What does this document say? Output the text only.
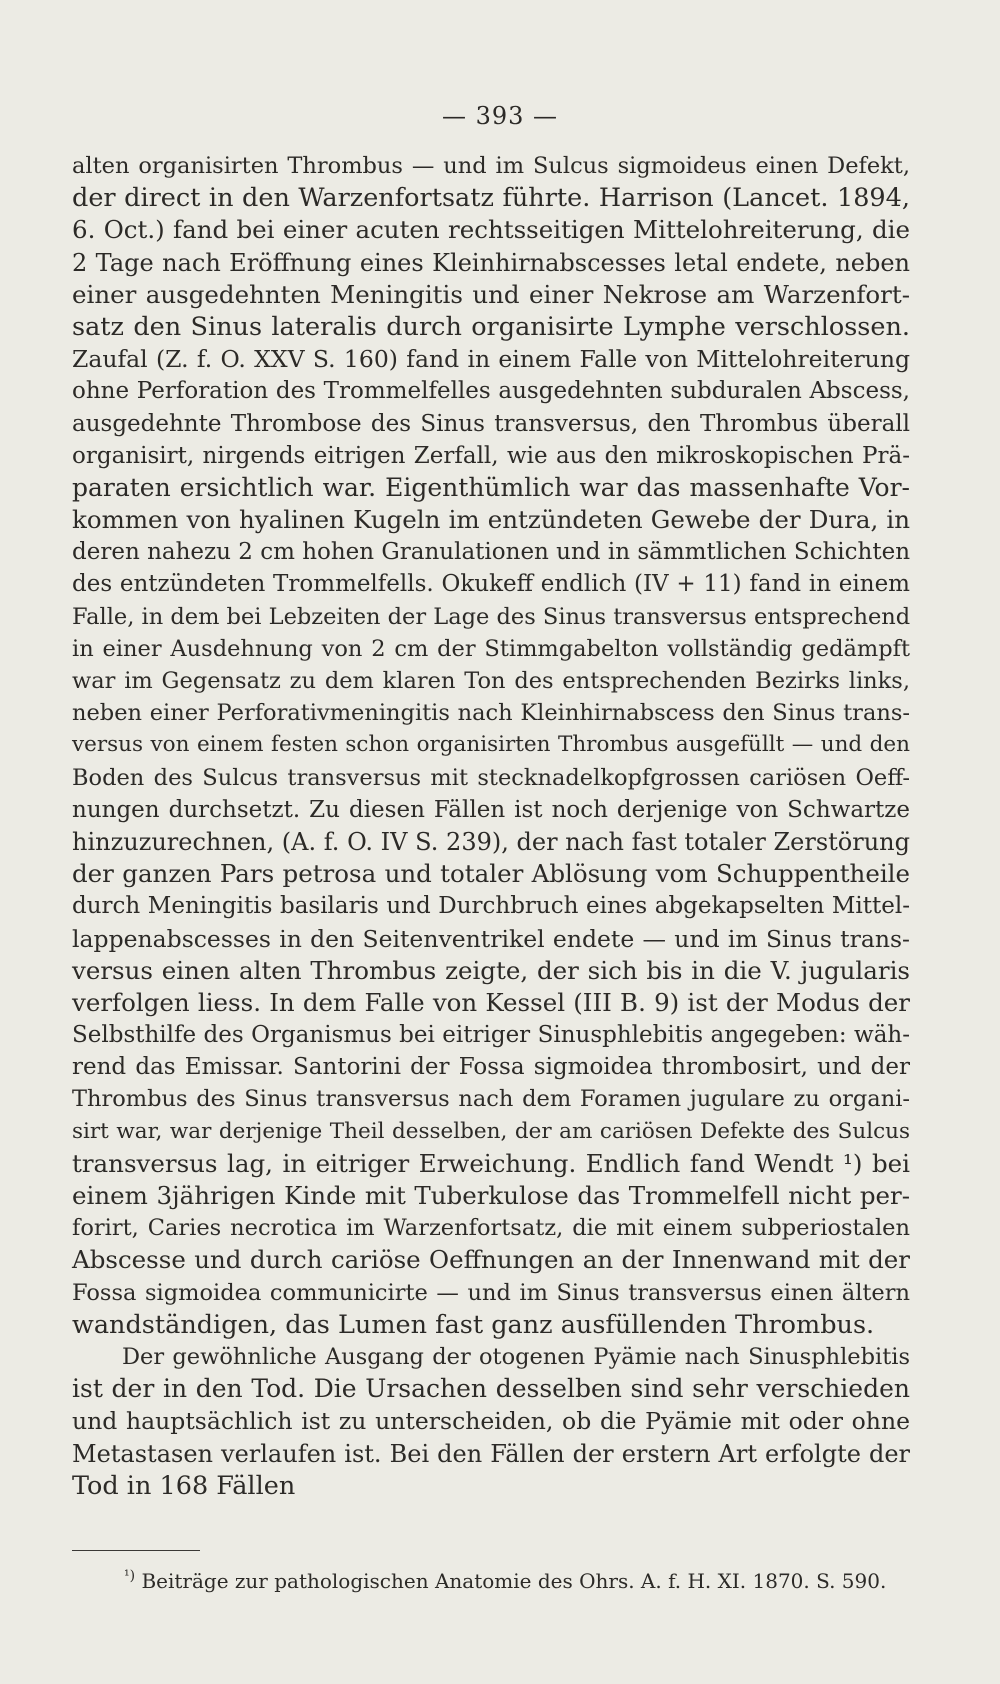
— 393 —
alten organisirten Thrombus — und im Sulcus sigmoideus einen Defekt,
der direct in den Warzenfortsatz führte. Harrison (Lancet. 1894,
6. Oct.) fand bei einer acuten rechtsseitigen Mittelohreiterung, die
2 Tage nach Eröffnung eines Kleinhirnabscesses letal endete, neben
einer ausgedehnten Meningitis und einer Nekrose am Warzenfort-
satz den Sinus lateralis durch organisirte Lymphe verschlossen.
Zaufal (Z. f. O. XXV S. 160) fand in einem Falle von Mittelohreiterung
ohne Perforation des Trommelfelles ausgedehnten subduralen Abscess,
ausgedehnte Thrombose des Sinus transversus, den Thrombus überall
organisirt, nirgends eitrigen Zerfall, wie aus den mikroskopischen Prä-
paraten ersichtlich war. Eigenthümlich war das massenhafte Vor-
kommen von hyalinen Kugeln im entzündeten Gewebe der Dura, in
deren nahezu 2 cm hohen Granulationen und in sämmtlichen Schichten
des entzündeten Trommelfells. Okukeff endlich (IV + 11) fand in einem
Falle, in dem bei Lebzeiten der Lage des Sinus transversus entsprechend
in einer Ausdehnung von 2 cm der Stimmgabelton vollständig gedämpft
war im Gegensatz zu dem klaren Ton des entsprechenden Bezirks links,
neben einer Perforativmeningitis nach Kleinhirnabscess den Sinus trans-
versus von einem festen schon organisirten Thrombus ausgefüllt — und den
Boden des Sulcus transversus mit stecknadelkopfgrossen cariösen Oeff-
nungen durchsetzt. Zu diesen Fällen ist noch derjenige von Schwartze
hinzuzurechnen, (A. f. O. IV S. 239), der nach fast totaler Zerstörung
der ganzen Pars petrosa und totaler Ablösung vom Schuppentheile
durch Meningitis basilaris und Durchbruch eines abgekapselten Mittel-
lappenabscesses in den Seitenventrikel endete — und im Sinus trans-
versus einen alten Thrombus zeigte, der sich bis in die V. jugularis
verfolgen liess. In dem Falle von Kessel (III B. 9) ist der Modus der
Selbsthilfe des Organismus bei eitriger Sinusphlebitis angegeben: wäh-
rend das Emissar. Santorini der Fossa sigmoidea thrombosirt, und der
Thrombus des Sinus transversus nach dem Foramen jugulare zu organi-
sirt war, war derjenige Theil desselben, der am cariösen Defekte des Sulcus
transversus lag, in eitriger Erweichung. Endlich fand Wendt ¹) bei
einem 3jährigen Kinde mit Tuberkulose das Trommelfell nicht per-
forirt, Caries necrotica im Warzenfortsatz, die mit einem subperiostalen
Abscesse und durch cariöse Oeffnungen an der Innenwand mit der
Fossa sigmoidea communicirte — und im Sinus transversus einen ältern
wandständigen, das Lumen fast ganz ausfüllenden Thrombus.
Der gewöhnliche Ausgang der otogenen Pyämie nach Sinusphlebitis
ist der in den Tod. Die Ursachen desselben sind sehr verschieden
und hauptsächlich ist zu unterscheiden, ob die Pyämie mit oder ohne
Metastasen verlaufen ist. Bei den Fällen der erstern Art erfolgte der
Tod in 168 Fällen
$^{^1)}$ Beiträge zur pathologischen Anatomie des Ohrs. A. f. H. XI. 1870. S. 590.
